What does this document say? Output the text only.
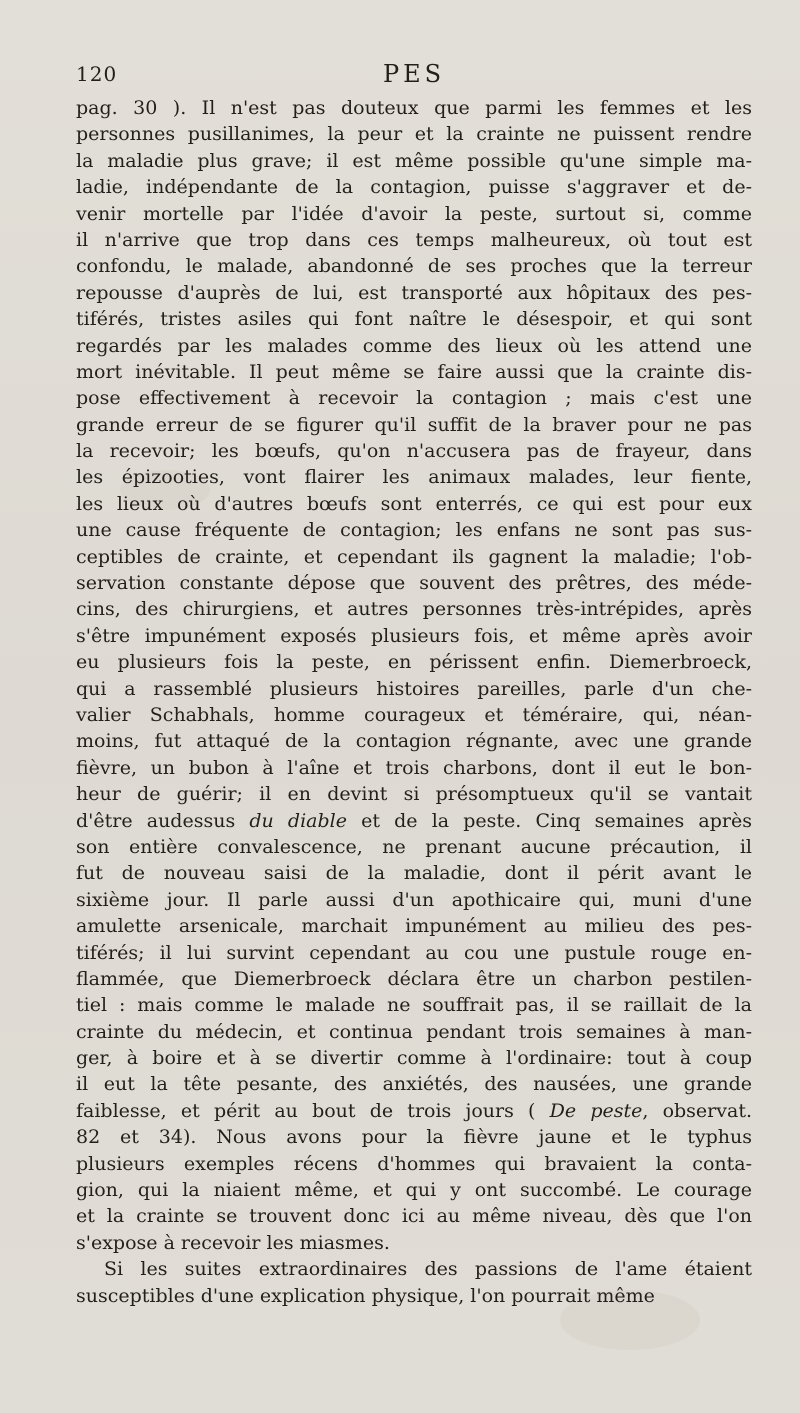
120	PES
pag. 30 ). Il n'est pas douteux que parmi les femmes et les
personnes pusillanimes, la peur et la crainte ne puissent rendre
la maladie plus grave; il est même possible qu'une simple ma-
ladie, indépendante de la contagion, puisse s'aggraver et de-
venir mortelle par l'idée d'avoir la peste, surtout si, comme
il n'arrive que trop dans ces temps malheureux, où tout est
confondu, le malade, abandonné de ses proches que la terreur
repousse d'auprès de lui, est transporté aux hôpitaux des pes-
tiférés, tristes asiles qui font naître le désespoir, et qui sont
regardés par les malades comme des lieux où les attend une
mort inévitable. Il peut même se faire aussi que la crainte dis-
pose effectivement à recevoir la contagion ; mais c'est une
grande erreur de se figurer qu'il suffit de la braver pour ne pas
la recevoir; les bœufs, qu'on n'accusera pas de frayeur, dans
les épizooties, vont flairer les animaux malades, leur fiente,
les lieux où d'autres bœufs sont enterrés, ce qui est pour eux
une cause fréquente de contagion; les enfans ne sont pas sus-
ceptibles de crainte, et cependant ils gagnent la maladie; l'ob-
servation constante dépose que souvent des prêtres, des méde-
cins, des chirurgiens, et autres personnes très-intrépides, après
s'être impunément exposés plusieurs fois, et même après avoir
eu plusieurs fois la peste, en périssent enfin. Diemerbroeck,
qui a rassemblé plusieurs histoires pareilles, parle d'un che-
valier Schabhals, homme courageux et téméraire, qui, néan-
moins, fut attaqué de la contagion régnante, avec une grande
fièvre, un bubon à l'aîne et trois charbons, dont il eut le bon-
heur de guérir; il en devint si présomptueux qu'il se vantait
d'être audessus du diable et de la peste. Cinq semaines après
son entière convalescence, ne prenant aucune précaution, il
fut de nouveau saisi de la maladie, dont il périt avant le
sixième jour. Il parle aussi d'un apothicaire qui, muni d'une
amulette arsenicale, marchait impunément au milieu des pes-
tiférés; il lui survint cependant au cou une pustule rouge en-
flammée, que Diemerbroeck déclara être un charbon pestilen-
tiel : mais comme le malade ne souffrait pas, il se raillait de la
crainte du médecin, et continua pendant trois semaines à man-
ger, à boire et à se divertir comme à l'ordinaire: tout à coup
il eut la tête pesante, des anxiétés, des nausées, une grande
faiblesse, et périt au bout de trois jours ( De peste, observat.
82 et 34). Nous avons pour la fièvre jaune et le typhus
plusieurs exemples récens d'hommes qui bravaient la conta-
gion, qui la niaient même, et qui y ont succombé. Le courage
et la crainte se trouvent donc ici au même niveau, dès que l'on
s'expose à recevoir les miasmes.
Si les suites extraordinaires des passions de l'ame étaient
susceptibles d'une explication physique, l'on pourrait même
